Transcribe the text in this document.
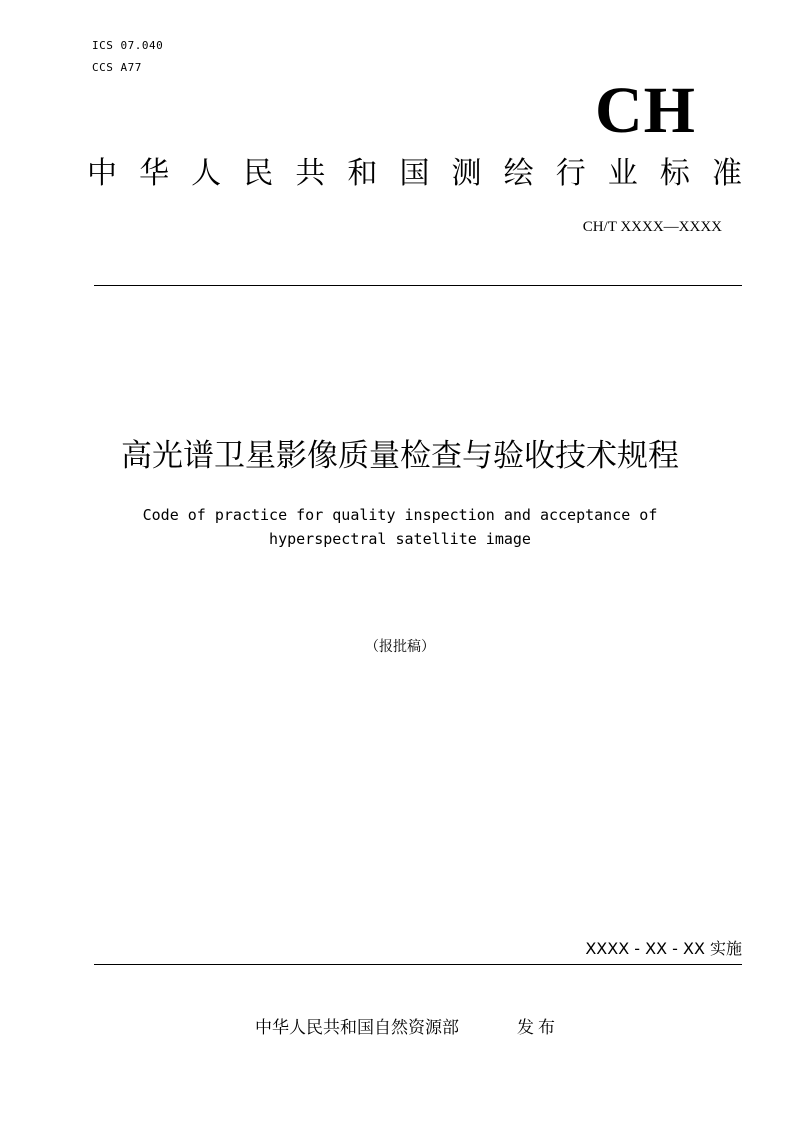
ICS 07.040
CCS A77
CH
中 华 人 民 共 和 国 测 绘 行 业 标 准
CH/T XXXX—XXXX
高光谱卫星影像质量检查与验收技术规程
Code of practice for quality inspection and acceptance of
hyperspectral satellite image
（报批稿）
XXXX - XX - XX 实施
中华人民共和国自然资源部	发布
